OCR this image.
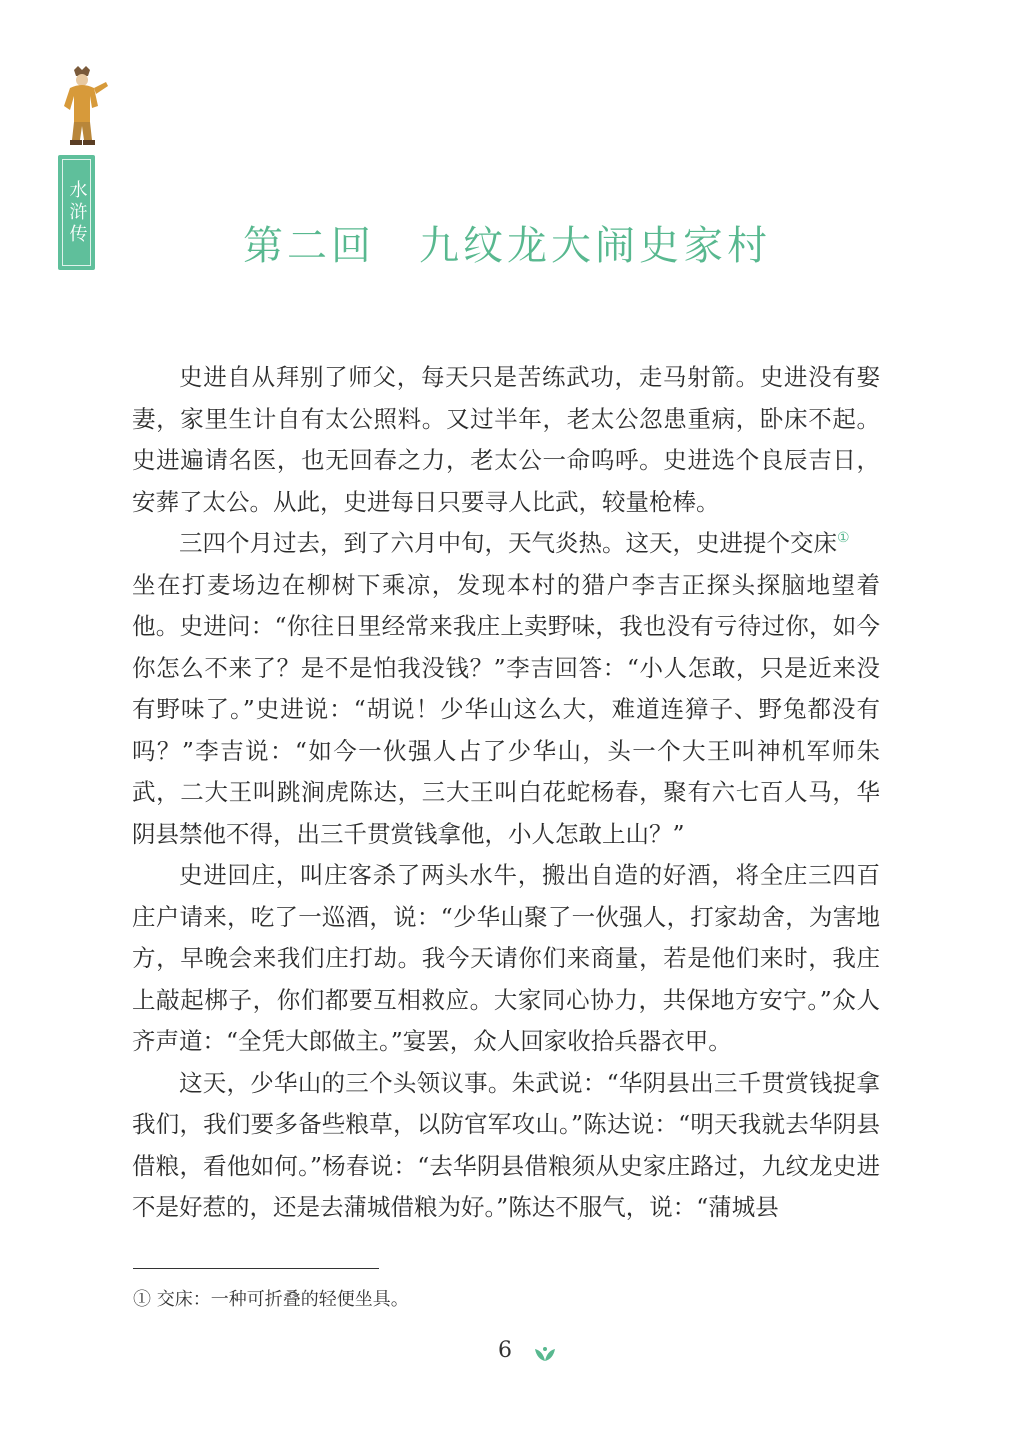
水浒传
第二回　九纹龙大闹史家村

史进自从拜别了师父，每天只是苦练武功，走马射箭。史进没有娶妻，家里生计自有太公照料。又过半年，老太公忽患重病，卧床不起。史进遍请名医，也无回春之力，老太公一命呜呼。史进选个良辰吉日，安葬了太公。从此，史进每日只要寻人比武，较量枪棒。

三四个月过去，到了六月中旬，天气炎热。这天，史进提个交床①

坐在打麦场边在柳树下乘凉，发现本村的猎户李吉正探头探脑地望着他。史进问：“你往日里经常来我庄上卖野味，我也没有亏待过你，如今你怎么不来了？是不是怕我没钱？”李吉回答：“小人怎敢，只是近来没有野味了。”史进说：“胡说！少华山这么大，难道连獐子、野兔都没有吗？”李吉说：“如今一伙强人占了少华山，头一个大王叫神机军师朱武，二大王叫跳涧虎陈达，三大王叫白花蛇杨春，聚有六七百人马，华阴县禁他不得，出三千贯赏钱拿他，小人怎敢上山？”

史进回庄，叫庄客杀了两头水牛，搬出自造的好酒，将全庄三四百庄户请来，吃了一巡酒，说：“少华山聚了一伙强人，打家劫舍，为害地方，早晚会来我们庄打劫。我今天请你们来商量，若是他们来时，我庄上敲起梆子，你们都要互相救应。大家同心协力，共保地方安宁。”众人齐声道：“全凭大郎做主。”宴罢，众人回家收拾兵器衣甲。

这天，少华山的三个头领议事。朱武说：“华阴县出三千贯赏钱捉拿我们，我们要多备些粮草，以防官军攻山。”陈达说：“明天我就去华阴县借粮，看他如何。”杨春说：“去华阴县借粮须从史家庄路过，九纹龙史进不是好惹的，还是去蒲城借粮为好。”陈达不服气，说：“蒲城县

① 交床：一种可折叠的轻便坐具。
6
